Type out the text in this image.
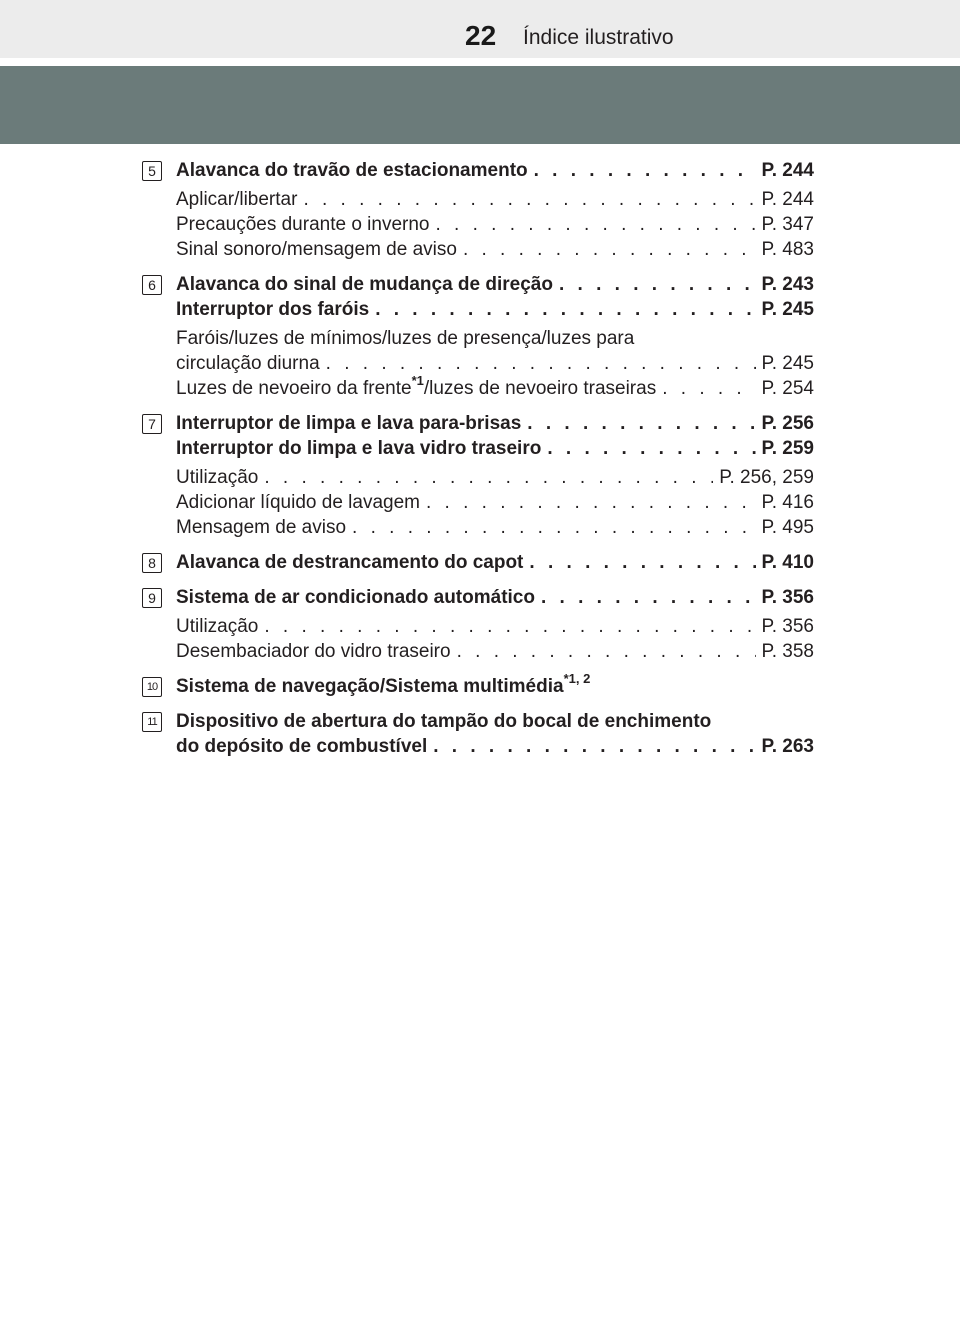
22 Índice ilustrativo
5	Alavanca do travão de estacionamento . . .	P. 244
Aplicar/libertar . . .	P. 244
Precauções durante o inverno . . .	P. 347
Sinal sonoro/mensagem de aviso . . .	P. 483
6	Alavanca do sinal de mudança de direção . . .	P. 243
Interruptor dos faróis . . .	P. 245
Faróis/luzes de mínimos/luzes de presença/luzes para
circulação diurna . . .	P. 245
Luzes de nevoeiro da frente$^{*1}$/luzes de nevoeiro traseiras . . .	P. 254
7	Interruptor de limpa e lava para-brisas . . .	P. 256
Interruptor do limpa e lava vidro traseiro . . .	P. 259
Utilização . . .	P. 256, 259
Adicionar líquido de lavagem . . .	P. 416
Mensagem de aviso . . .	P. 495
8	Alavanca de destrancamento do capot . . .	P. 410
9	Sistema de ar condicionado automático . . .	P. 356
Utilização . . .	P. 356
Desembaciador do vidro traseiro . . .	P. 358
10 Sistema de navegação/Sistema multimédia$^{*1, 2}$
11 Dispositivo de abertura do tampão do bocal de enchimento
do depósito de combustível . . .	P. 263
